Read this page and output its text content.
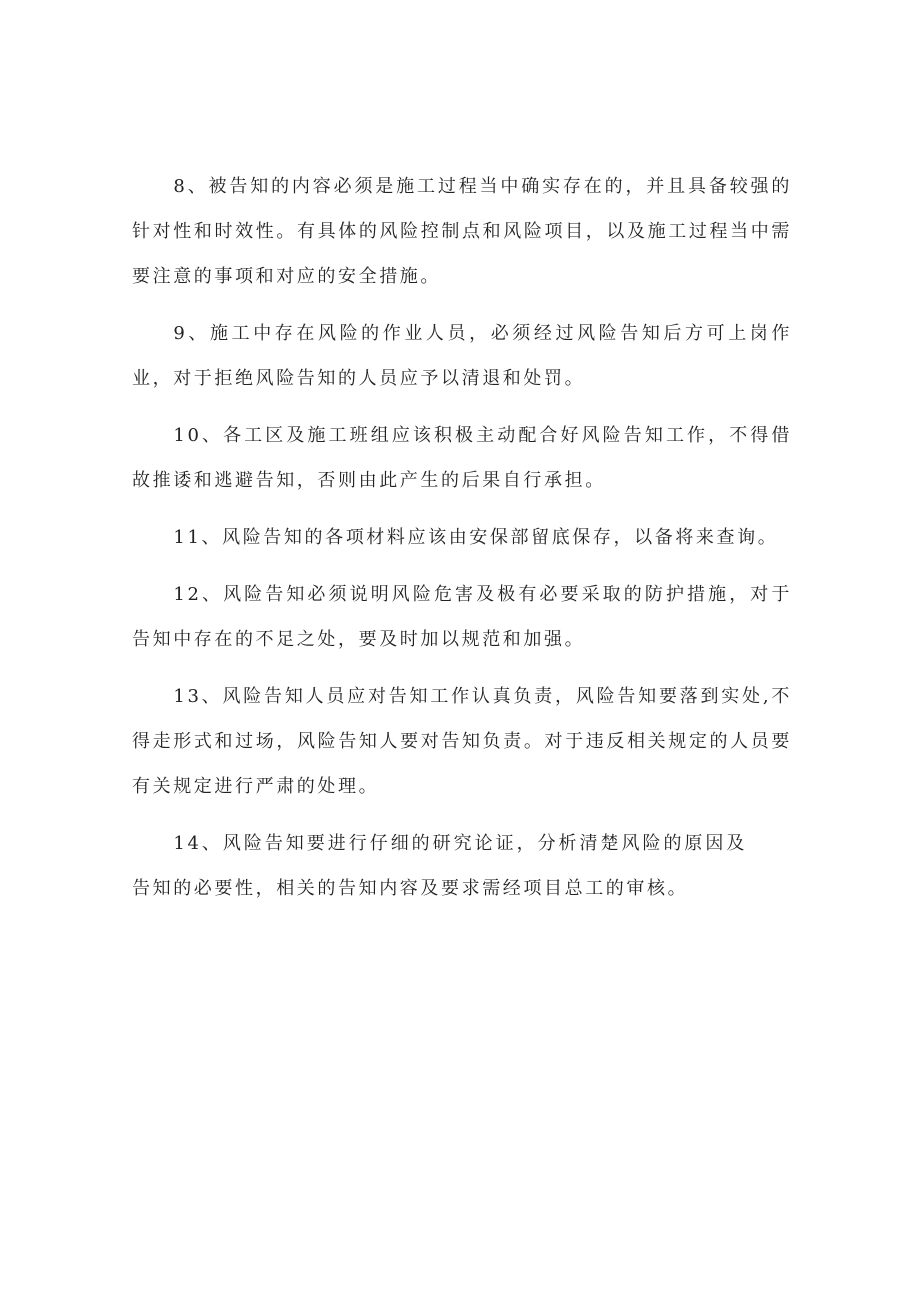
8、被告知的内容必须是施工过程当中确实存在的，并且具备较强的针对性和时效性。有具体的风险控制点和风险项目，以及施工过程当中需要注意的事项和对应的安全措施。

9、施工中存在风险的作业人员，必须经过风险告知后方可上岗作业，对于拒绝风险告知的人员应予以清退和处罚。

10、各工区及施工班组应该积极主动配合好风险告知工作，不得借故推诿和逃避告知，否则由此产生的后果自行承担。

11、风险告知的各项材料应该由安保部留底保存，以备将来查询。

12、风险告知必须说明风险危害及极有必要采取的防护措施，对于告知中存在的不足之处，要及时加以规范和加强。

13、风险告知人员应对告知工作认真负责，风险告知要落到实处,不得走形式和过场，风险告知人要对告知负责。对于违反相关规定的人员要有关规定进行严肃的处理。

14、风险告知要进行仔细的研究论证，分析清楚风险的原因及告知的必要性，相关的告知内容及要求需经项目总工的审核。
